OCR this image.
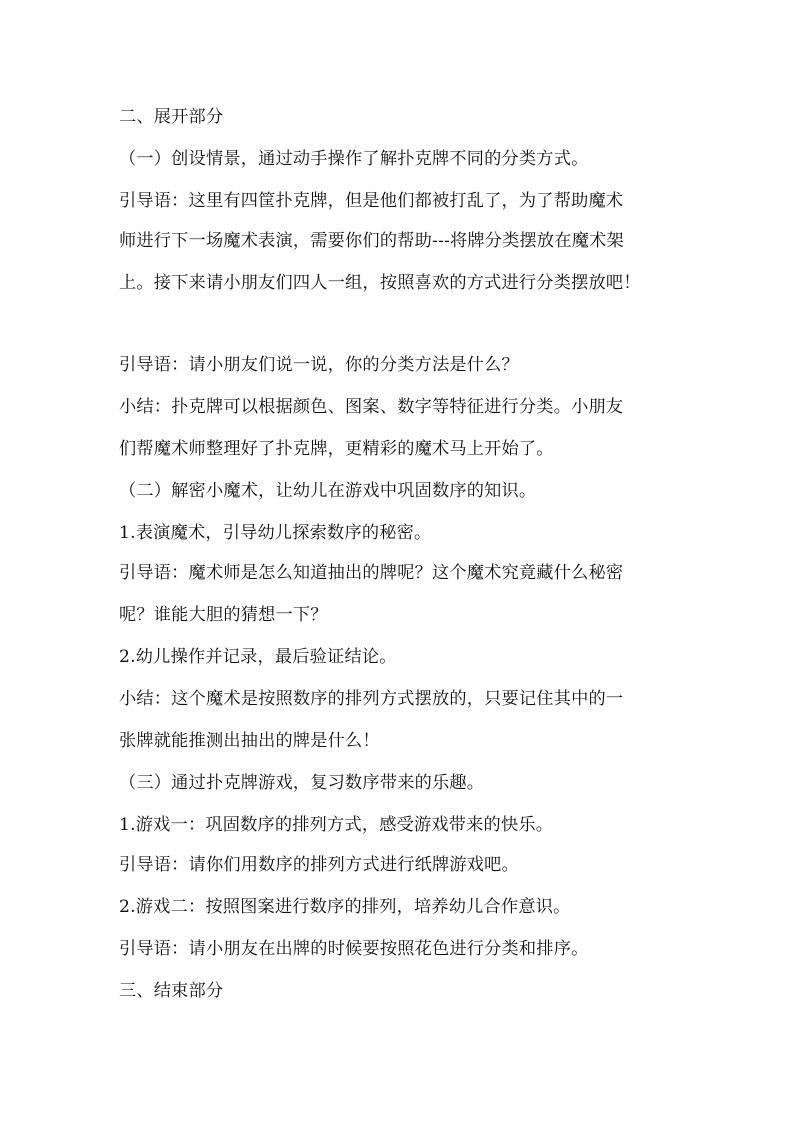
二、展开部分
（一）创设情景，通过动手操作了解扑克牌不同的分类方式。
引导语：这里有四筐扑克牌，但是他们都被打乱了，为了帮助魔术
师进行下一场魔术表演，需要你们的帮助---将牌分类摆放在魔术架
上。接下来请小朋友们四人一组，按照喜欢的方式进行分类摆放吧！
引导语：请小朋友们说一说，你的分类方法是什么？
小结：扑克牌可以根据颜色、图案、数字等特征进行分类。小朋友
们帮魔术师整理好了扑克牌，更精彩的魔术马上开始了。
（二）解密小魔术，让幼儿在游戏中巩固数序的知识。
1.表演魔术，引导幼儿探索数序的秘密。
引导语：魔术师是怎么知道抽出的牌呢？这个魔术究竟藏什么秘密
呢？谁能大胆的猜想一下？
2.幼儿操作并记录，最后验证结论。
小结：这个魔术是按照数序的排列方式摆放的，只要记住其中的一
张牌就能推测出抽出的牌是什么！
（三）通过扑克牌游戏，复习数序带来的乐趣。
1.游戏一：巩固数序的排列方式，感受游戏带来的快乐。
引导语：请你们用数序的排列方式进行纸牌游戏吧。
2.游戏二：按照图案进行数序的排列，培养幼儿合作意识。
引导语：请小朋友在出牌的时候要按照花色进行分类和排序。
三、结束部分
